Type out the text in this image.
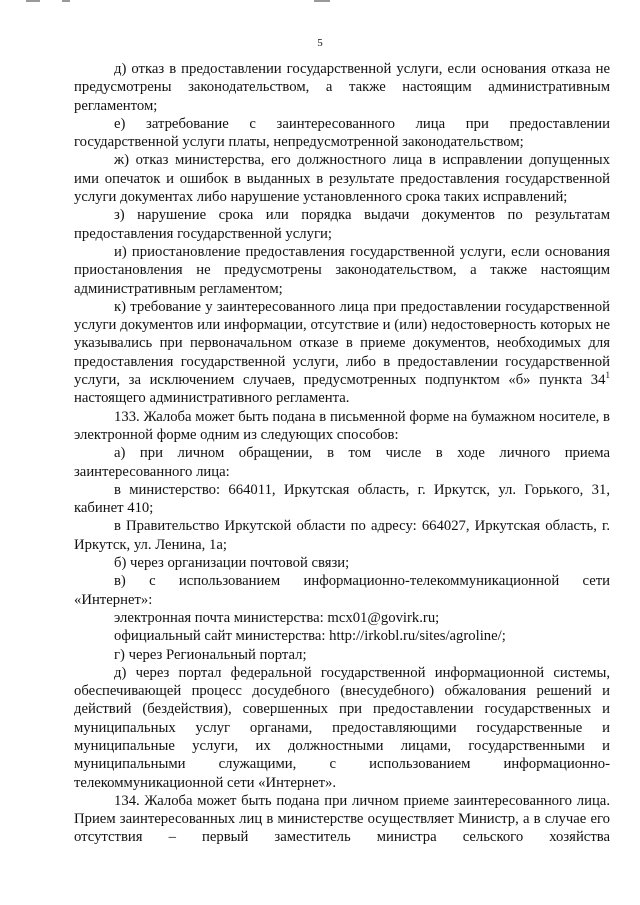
5

д) отказ в предоставлении государственной услуги, если основания отказа не предусмотрены законодательством, а также настоящим административным регламентом;

е) затребование с заинтересованного лица при предоставлении государственной услуги платы, непредусмотренной законодательством;

ж) отказ министерства, его должностного лица в исправлении допущенных ими опечаток и ошибок в выданных в результате предоставления государственной услуги документах либо нарушение установленного срока таких исправлений;

з) нарушение срока или порядка выдачи документов по результатам предоставления государственной услуги;

и) приостановление предоставления государственной услуги, если основания приостановления не предусмотрены законодательством, а также настоящим административным регламентом;

к) требование у заинтересованного лица при предоставлении государственной услуги документов или информации, отсутствие и (или) недостоверность которых не указывались при первоначальном отказе в приеме документов, необходимых для предоставления государственной услуги, либо в предоставлении государственной услуги, за исключением случаев, предусмотренных подпунктом «б» пункта $34^1$ настоящего административного регламента.

133. Жалоба может быть подана в письменной форме на бумажном носителе, в электронной форме одним из следующих способов:

а) при личном обращении, в том числе в ходе личного приема заинтересованного лица:

в министерство: 664011, Иркутская область, г. Иркутск, ул. Горького, 31, кабинет 410;

в Правительство Иркутской области по адресу: 664027, Иркутская область, г. Иркутск, ул. Ленина, 1а;

б) через организации почтовой связи;

в) с использованием информационно-телекоммуникационной сети «Интернет»:

электронная почта министерства: mcx01@govirk.ru;

официальный сайт министерства: http://irkobl.ru/sites/agroline/;

г) через Региональный портал;

д) через портал федеральной государственной информационной системы, обеспечивающей процесс досудебного (внесудебного) обжалования решений и действий (бездействия), совершенных при предоставлении государственных и муниципальных услуг органами, предоставляющими государственные и муниципальные услуги, их должностными лицами, государственными и муниципальными служащими, с использованием информационно-телекоммуникационной сети «Интернет».

134. Жалоба может быть подана при личном приеме заинтересованного лица. Прием заинтересованных лиц в министерстве осуществляет Министр, а в случае его отсутствия – первый заместитель министра сельского хозяйства
